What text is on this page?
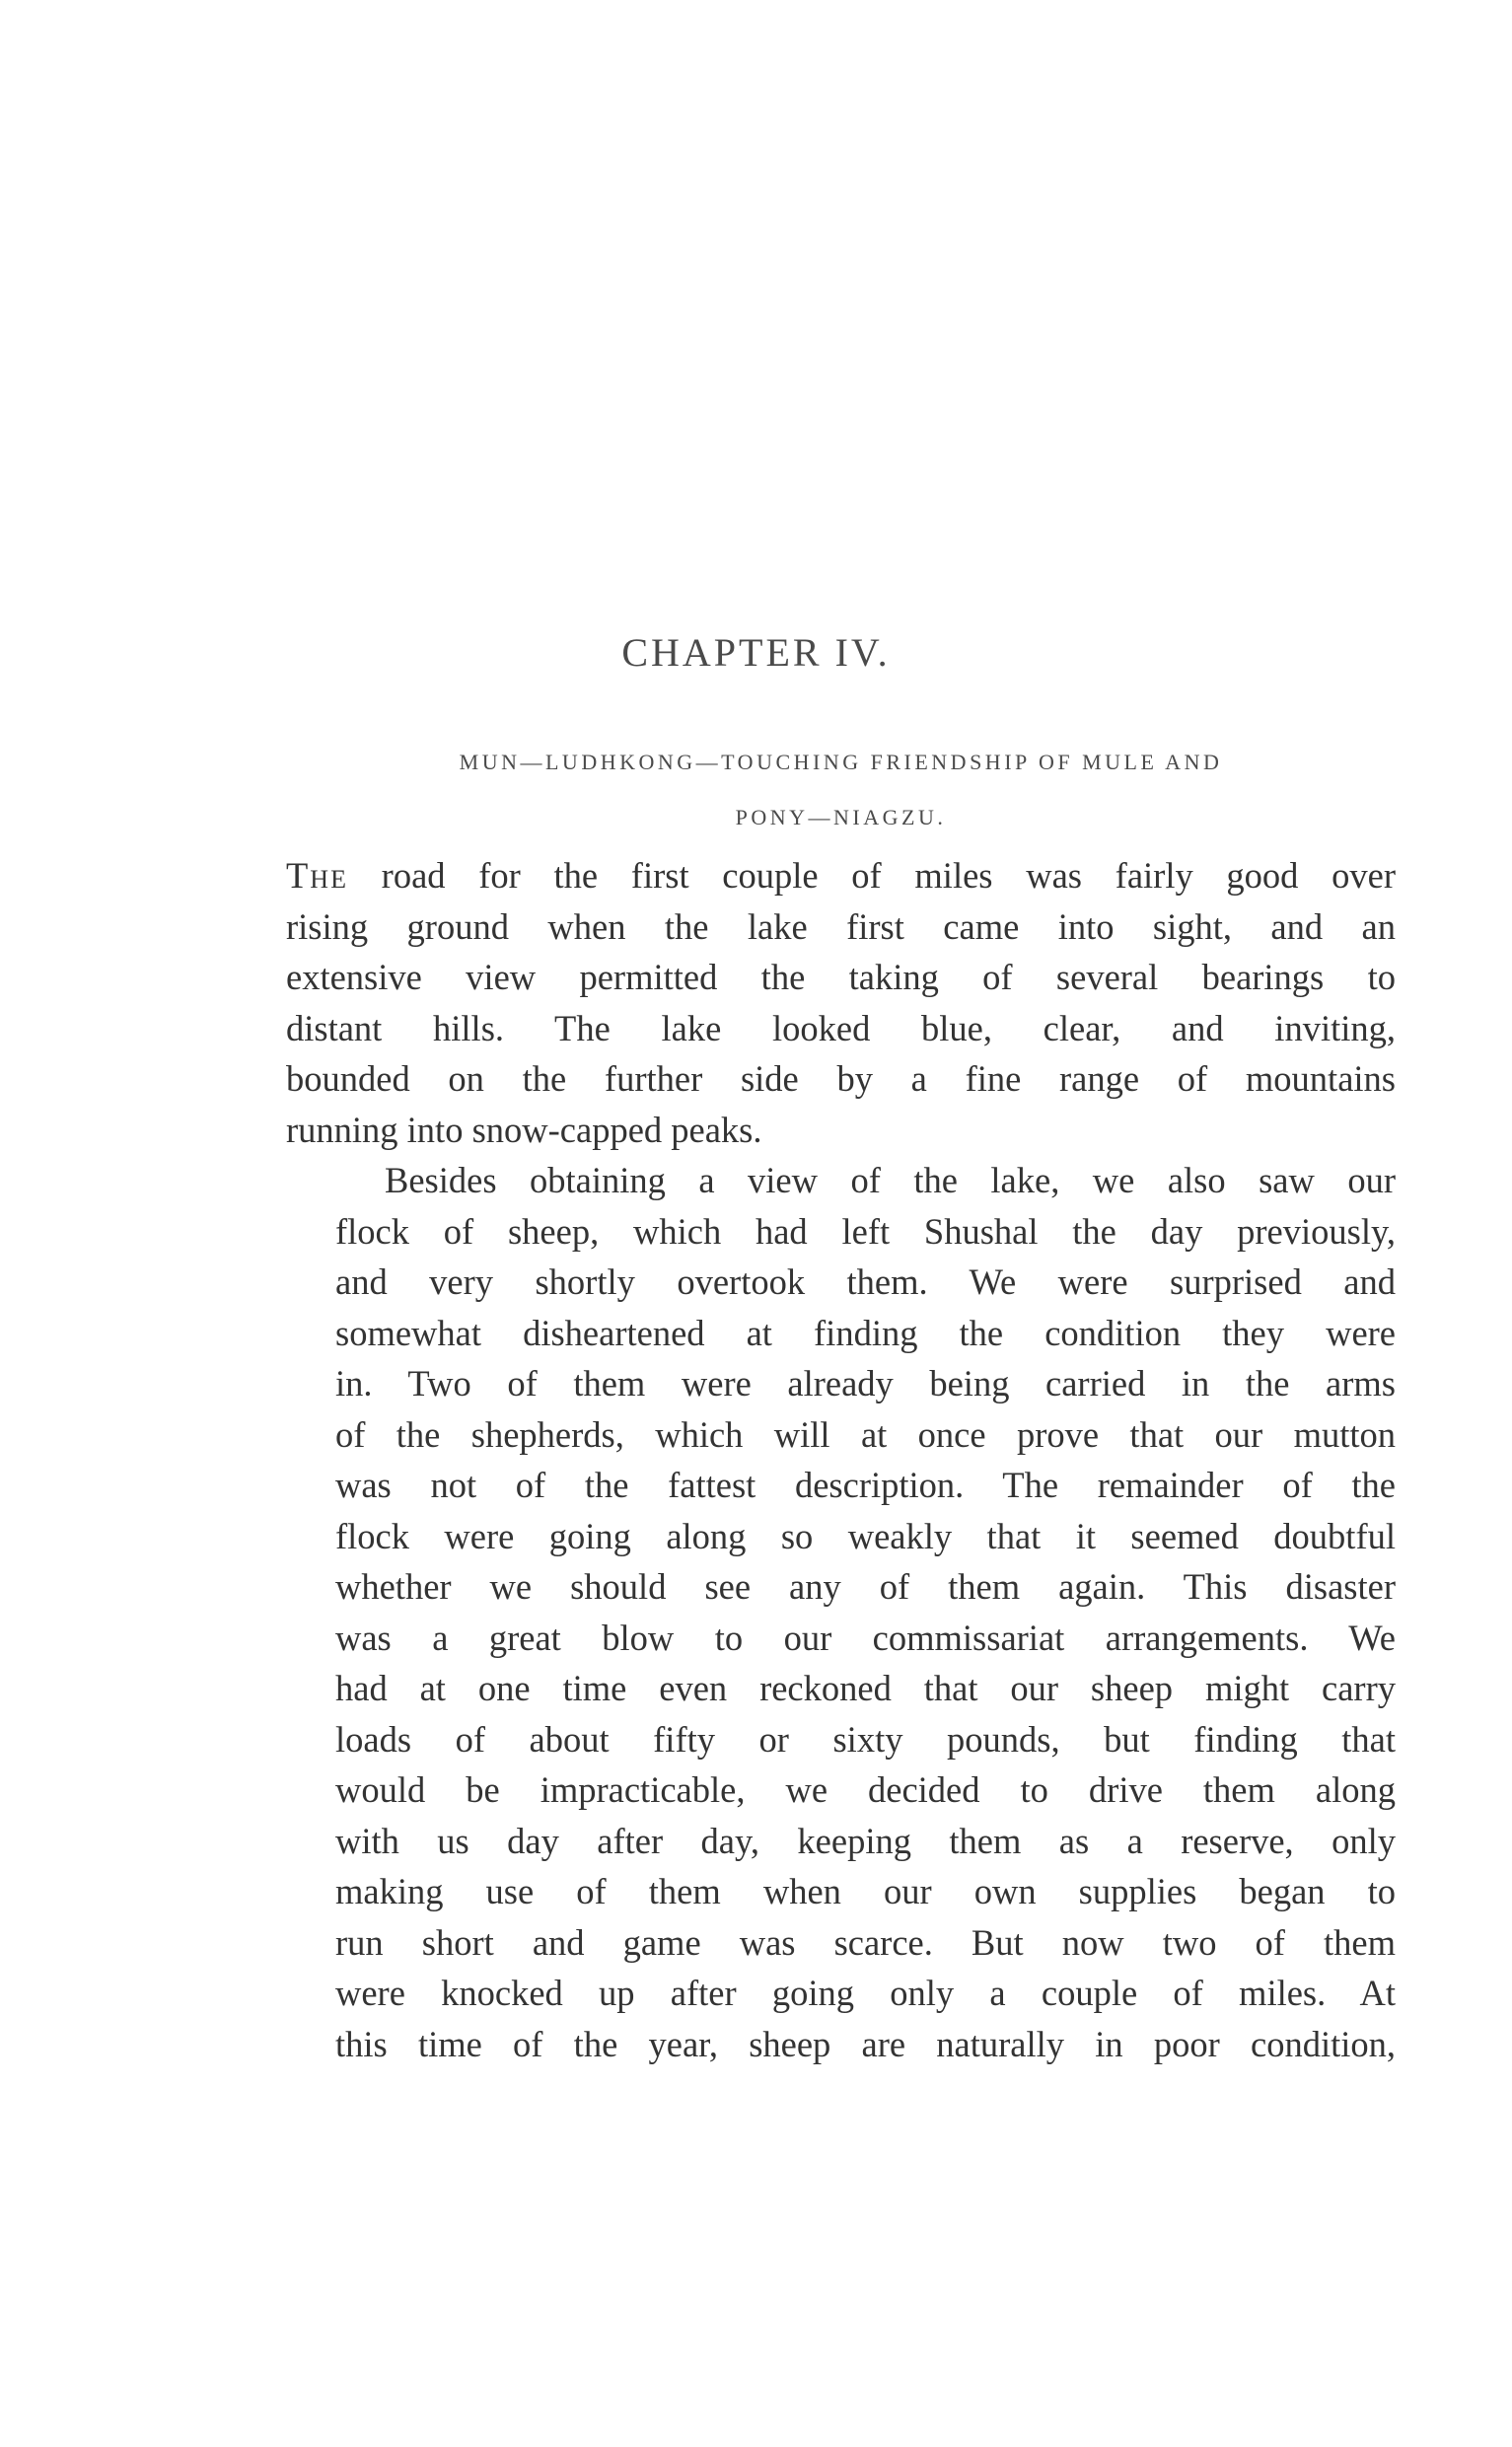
CHAPTER IV.
MUN—LUDHKONG—TOUCHING FRIENDSHIP OF MULE AND
PONY—NIAGZU.
The road for the first couple of miles was fairly good over
rising ground when the lake first came into sight, and an
extensive view permitted the taking of several bearings to
distant hills. The lake looked blue, clear, and inviting,
bounded on the further side by a fine range of mountains
running into snow-capped peaks.
Besides obtaining a view of the lake, we also saw our
flock of sheep, which had left Shushal the day previously,
and very shortly overtook them. We were surprised and
somewhat disheartened at finding the condition they were
in. Two of them were already being carried in the arms
of the shepherds, which will at once prove that our mutton
was not of the fattest description. The remainder of the
flock were going along so weakly that it seemed doubtful
whether we should see any of them again. This disaster
was a great blow to our commissariat arrangements. We
had at one time even reckoned that our sheep might carry
loads of about fifty or sixty pounds, but finding that
would be impracticable, we decided to drive them along
with us day after day, keeping them as a reserve, only
making use of them when our own supplies began to
run short and game was scarce. But now two of them
were knocked up after going only a couple of miles. At
this time of the year, sheep are naturally in poor condition,
